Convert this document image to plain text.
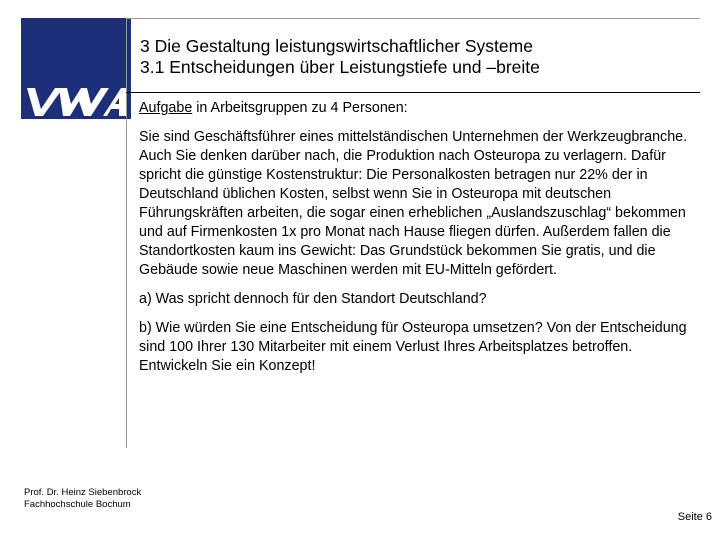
3 Die Gestaltung leistungswirtschaftlicher Systeme
3.1 Entscheidungen über Leistungstiefe und –breite
Aufgabe in Arbeitsgruppen zu 4 Personen:
Sie sind Geschäftsführer eines mittelständischen Unternehmen der Werkzeugbranche. Auch Sie denken darüber nach, die Produktion nach Osteuropa zu verlagern. Dafür spricht die günstige Kostenstruktur: Die Personalkosten betragen nur 22% der in Deutschland üblichen Kosten, selbst wenn Sie in Osteuropa mit deutschen Führungskräften arbeiten, die sogar einen erheblichen „Auslandszuschlag“ bekommen und auf Firmenkosten 1x pro Monat nach Hause fliegen dürfen. Außerdem fallen die Standortkosten kaum ins Gewicht: Das Grundstück bekommen Sie gratis, und die Gebäude sowie neue Maschinen werden mit EU-Mitteln gefördert.
a) Was spricht dennoch für den Standort Deutschland?
b) Wie würden Sie eine Entscheidung für Osteuropa umsetzen? Von der Entscheidung sind 100 Ihrer 130 Mitarbeiter mit einem Verlust Ihres Arbeitsplatzes betroffen. Entwickeln Sie ein Konzept!
Prof. Dr. Heinz Siebenbrock
Fachhochschule Bochum
Seite 6
